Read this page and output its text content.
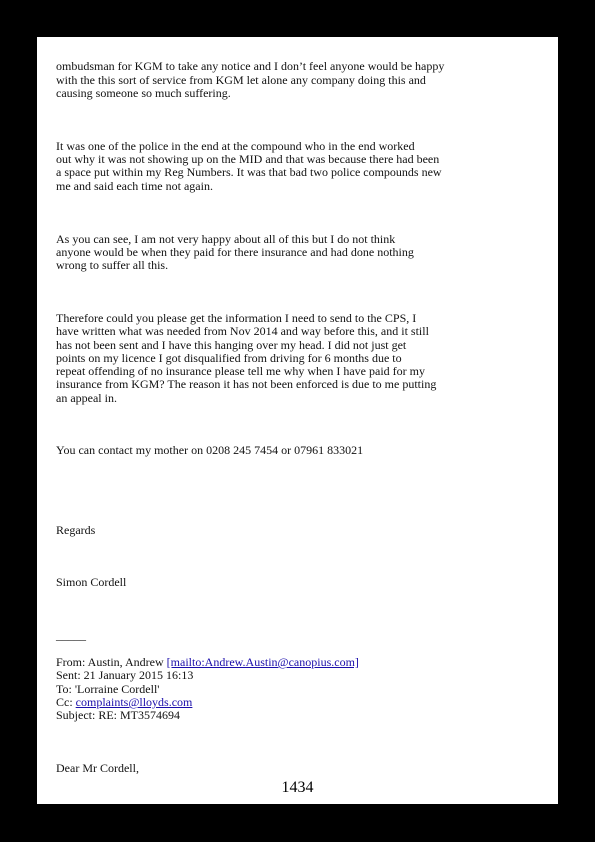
ombudsman for KGM to take any notice and I don’t feel anyone would be happy
with the this sort of service from KGM let alone any company doing this and
causing someone so much suffering.
It was one of the police in the end at the compound who in the end worked
out why it was not showing up on the MID and that was because there had been
a space put within my Reg Numbers. It was that bad two police compounds new
me and said each time not again.
As you can see, I am not very happy about all of this but I do not think
anyone would be when they paid for there insurance and had done nothing
wrong to suffer all this.
Therefore could you please get the information I need to send to the CPS, I
have written what was needed from Nov 2014 and way before this, and it still
has not been sent and I have this hanging over my head. I did not just get
points on my licence I got disqualified from driving for 6 months due to
repeat offending of no insurance please tell me why when I have paid for my
insurance from KGM? The reason it has not been enforced is due to me putting
an appeal in.
You can contact my mother on 0208 245 7454 or 07961 833021
Regards
Simon Cordell
_____
From: Austin, Andrew [mailto:Andrew.Austin@canopius.com]
Sent: 21 January 2015 16:13
To: 'Lorraine Cordell'
Cc: complaints@lloyds.com
Subject: RE: MT3574694
Dear Mr Cordell,
1434
